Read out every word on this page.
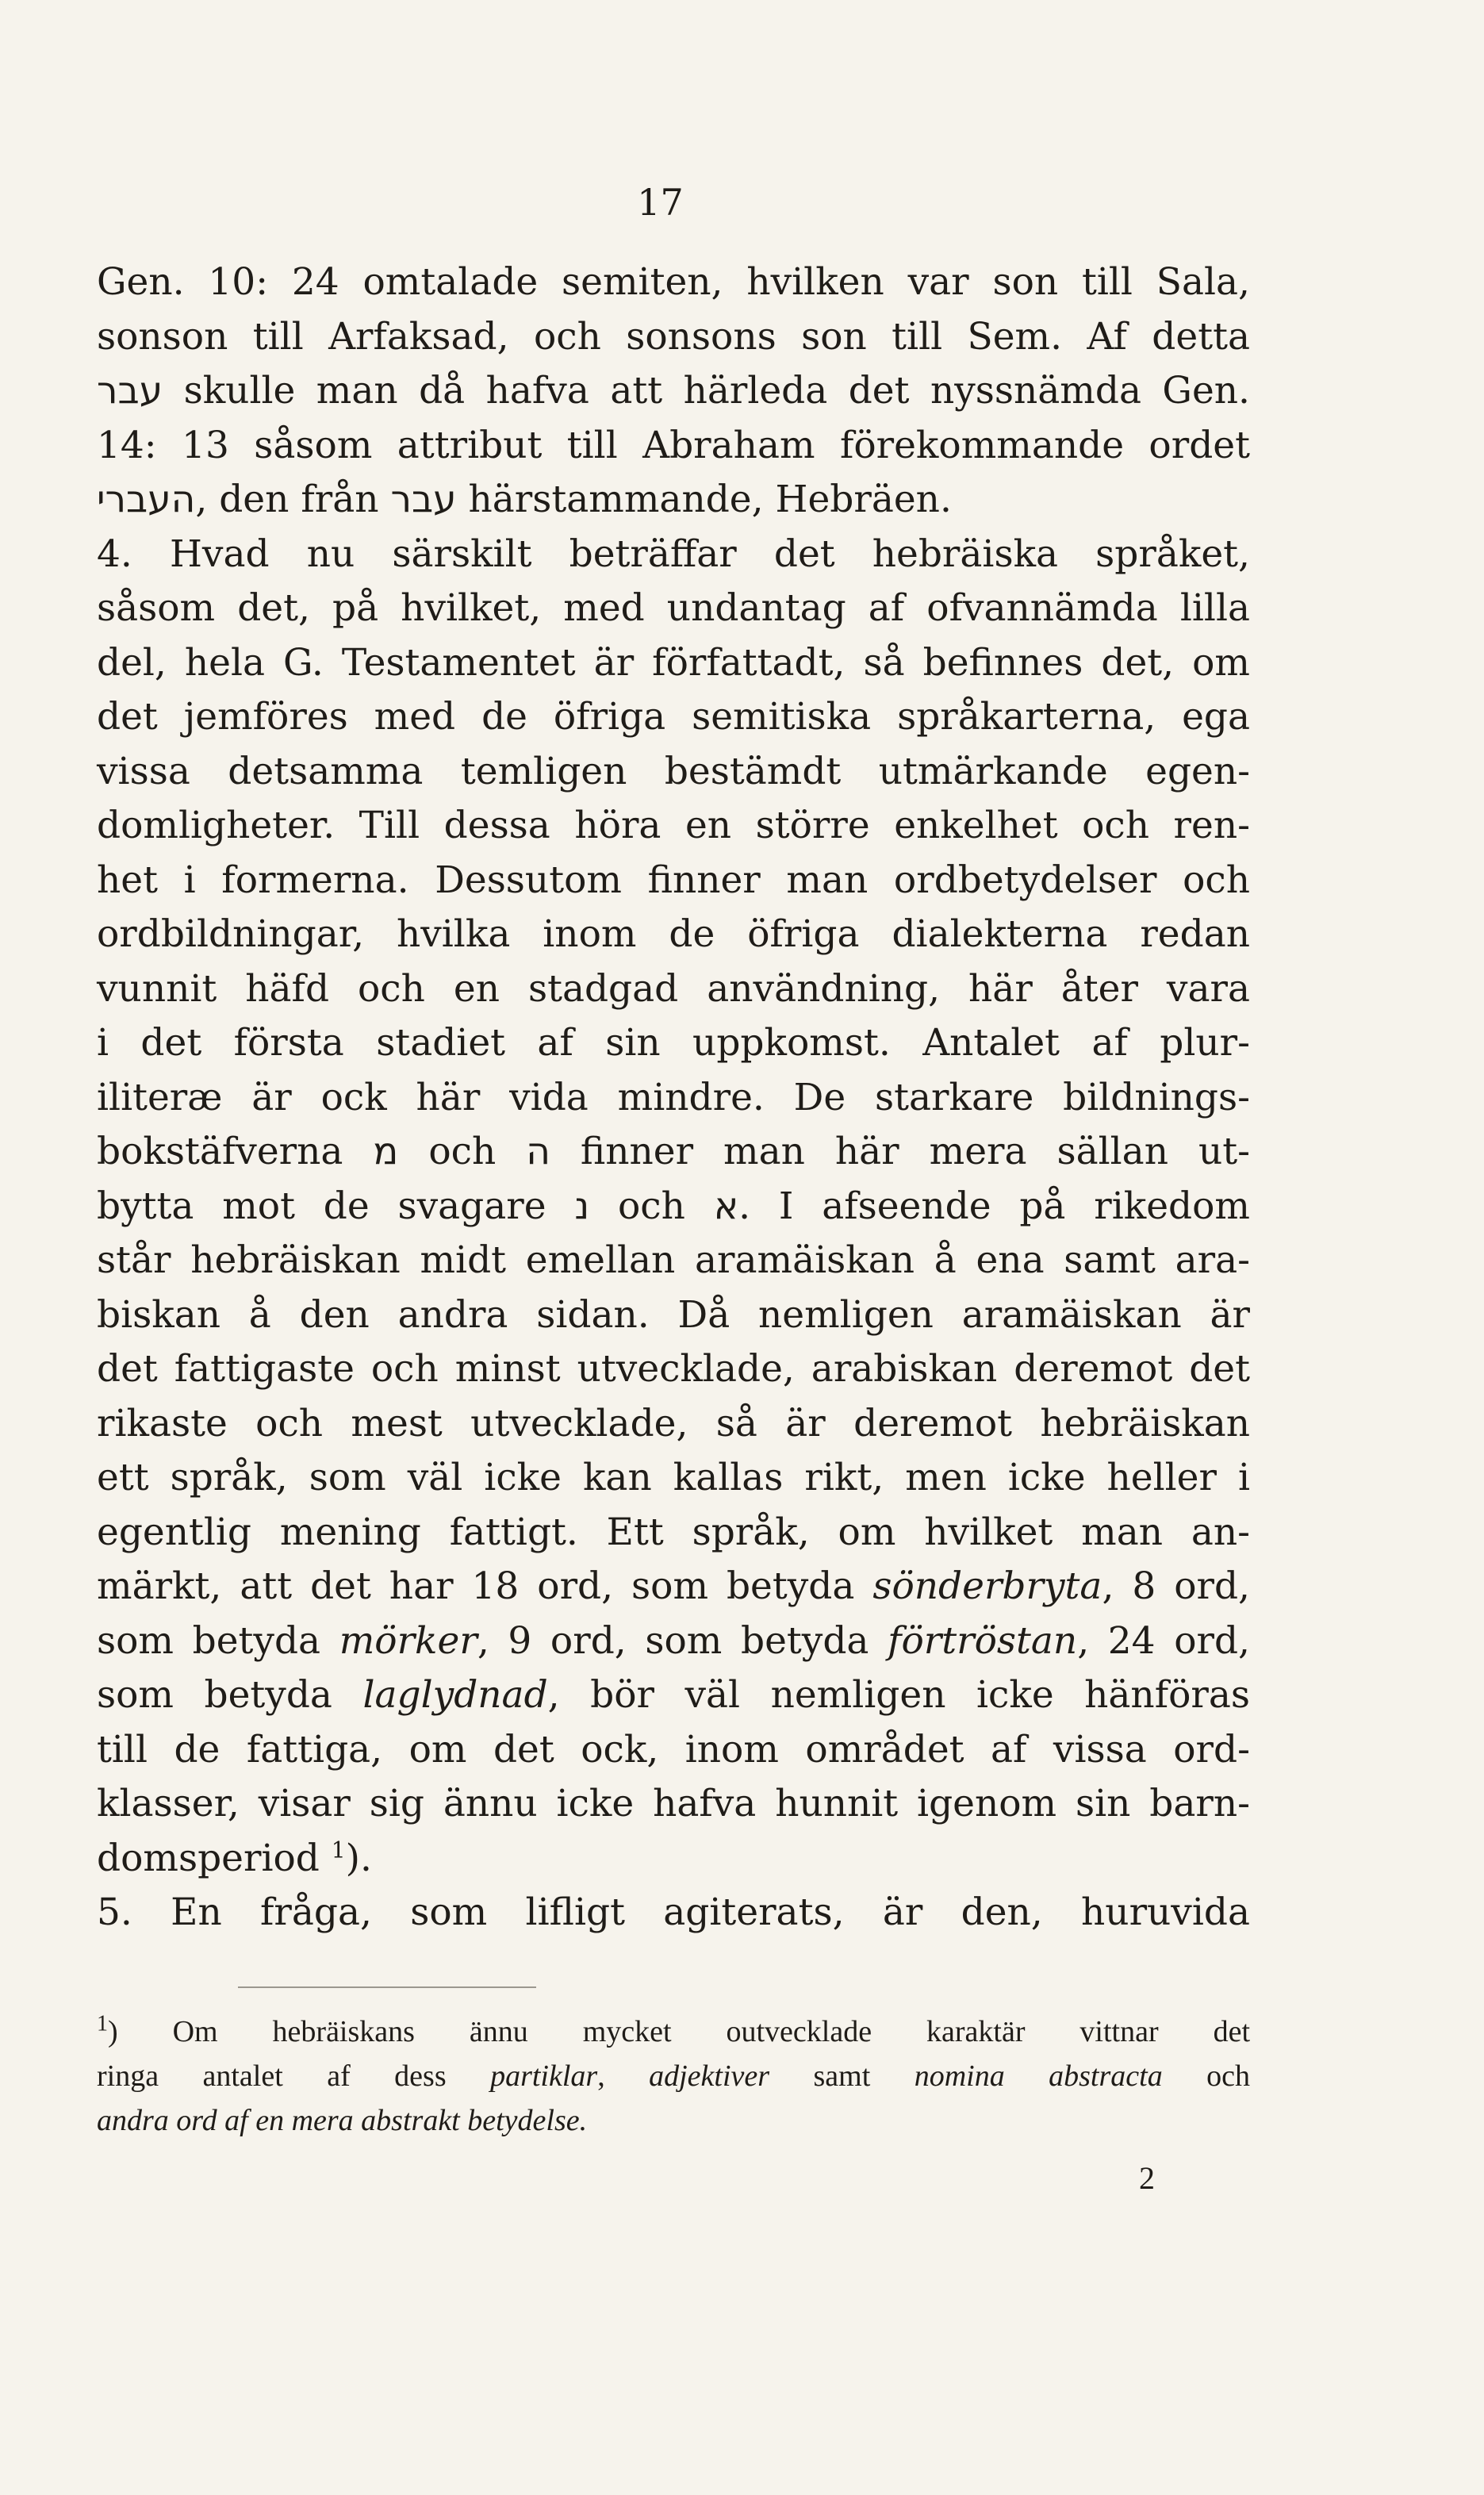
17
Gen. 10: 24 omtalade semiten, hvilken var son till Sala,
sonson till Arfaksad, och sonsons son till Sem. Af detta
עבר skulle man då hafva att härleda det nyssnämda Gen.
14: 13 såsom attribut till Abraham förekommande ordet
העברי, den från עבר härstammande, Hebräen.
4. Hvad nu särskilt beträffar det hebräiska språket,
såsom det, på hvilket, med undantag af ofvannämda lilla
del, hela G. Testamentet är författadt, så befinnes det, om
det jemföres med de öfriga semitiska språkarterna, ega
vissa detsamma temligen bestämdt utmärkande egen-
domligheter. Till dessa höra en större enkelhet och ren-
het i formerna. Dessutom finner man ordbetydelser och
ordbildningar, hvilka inom de öfriga dialekterna redan
vunnit häfd och en stadgad användning, här åter vara
i det första stadiet af sin uppkomst. Antalet af plur-
iliteræ är ock här vida mindre. De starkare bildnings-
bokstäfverna מ och ה finner man här mera sällan ut-
bytta mot de svagare נ och א. I afseende på rikedom
står hebräiskan midt emellan aramäiskan å ena samt ara-
biskan å den andra sidan. Då nemligen aramäiskan är
det fattigaste och minst utvecklade, arabiskan deremot det
rikaste och mest utvecklade, så är deremot hebräiskan
ett språk, som väl icke kan kallas rikt, men icke heller i
egentlig mening fattigt. Ett språk, om hvilket man an-
märkt, att det har 18 ord, som betyda sönderbryta, 8 ord,
som betyda mörker, 9 ord, som betyda förtröstan, 24 ord,
som betyda laglydnad, bör väl nemligen icke hänföras
till de fattiga, om det ock, inom området af vissa ord-
klasser, visar sig ännu icke hafva hunnit igenom sin barn-
domsperiod $^1$).
5. En fråga, som lifligt agiterats, är den, huruvida
$^1$) Om hebräiskans ännu mycket outvecklade karaktär vittnar det
ringa antalet af dess partiklar, adjektiver samt nomina abstracta och
andra ord af en mera abstrakt betydelse.
2
